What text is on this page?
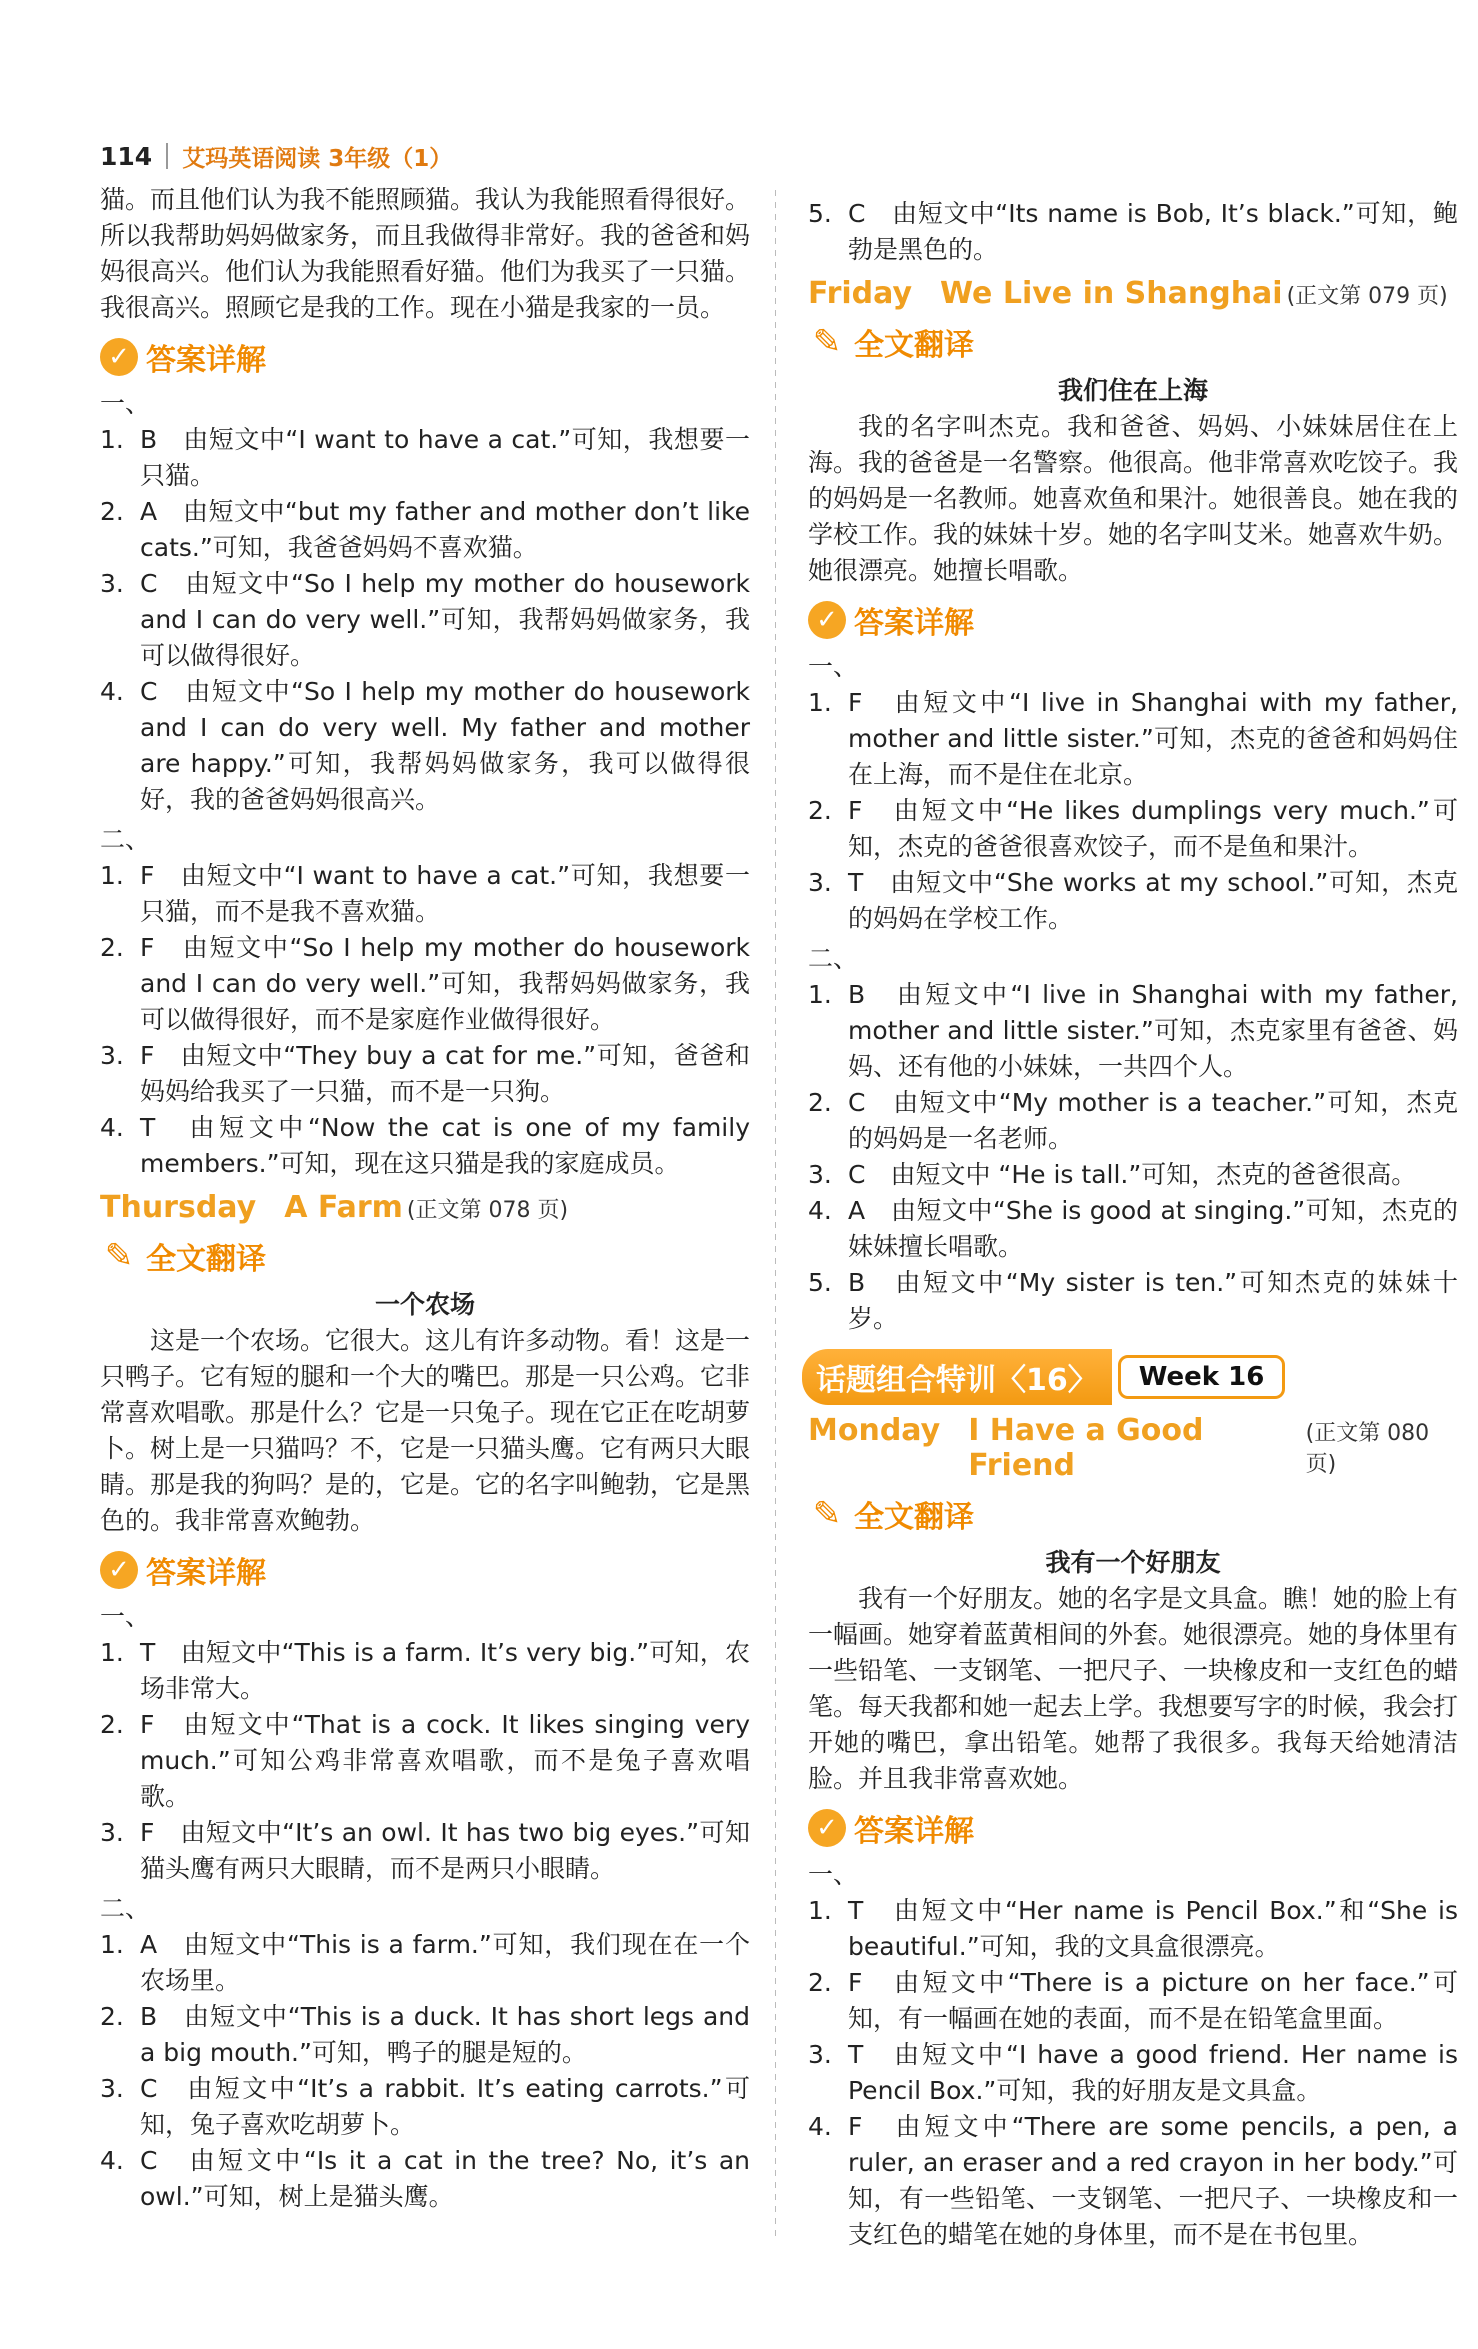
114 艾玛英语阅读 3年级（1）

猫。而且他们认为我不能照顾猫。我认为我能照看得很好。所以我帮助妈妈做家务，而且我做得非常好。我的爸爸和妈妈很高兴。他们认为我能照看好猫。他们为我买了一只猫。我很高兴。照顾它是我的工作。现在小猫是我家的一员。

✓ 答案详解
一、
1. B　由短文中“I want to have a cat.”可知，我想要一只猫。
2. A　由短文中“but my father and mother don’t like cats.”可知，我爸爸妈妈不喜欢猫。
3. C　由短文中“So I help my mother do housework and I can do very well.”可知，我帮妈妈做家务，我可以做得很好。
4. C　由短文中“So I help my mother do housework and I can do very well. My father and mother are happy.”可知，我帮妈妈做家务，我可以做得很好，我的爸爸妈妈很高兴。
二、
1. F　由短文中“I want to have a cat.”可知，我想要一只猫，而不是我不喜欢猫。
2. F　由短文中“So I help my mother do housework and I can do very well.”可知，我帮妈妈做家务，我可以做得很好，而不是家庭作业做得很好。
3. F　由短文中“They buy a cat for me.”可知，爸爸和妈妈给我买了一只猫，而不是一只狗。
4. T　由短文中“Now the cat is one of my family members.”可知，现在这只猫是我的家庭成员。
Thursday A Farm (正文第 078 页)
✎ 全文翻译
一个农场

这是一个农场。它很大。这儿有许多动物。看！这是一只鸭子。它有短的腿和一个大的嘴巴。那是一只公鸡。它非常喜欢唱歌。那是什么？它是一只兔子。现在它正在吃胡萝卜。树上是一只猫吗？不，它是一只猫头鹰。它有两只大眼睛。那是我的狗吗？是的，它是。它的名字叫鲍勃，它是黑色的。我非常喜欢鲍勃。

✓ 答案详解
一、
1. T　由短文中“This is a farm. It’s very big.”可知，农场非常大。
2. F　由短文中“That is a cock. It likes singing very much.”可知公鸡非常喜欢唱歌，而不是兔子喜欢唱歌。
3. F　由短文中“It’s an owl. It has two big eyes.”可知猫头鹰有两只大眼睛，而不是两只小眼睛。
二、
1. A　由短文中“This is a farm.”可知，我们现在在一个农场里。
2. B　由短文中“This is a duck. It has short legs and a big mouth.”可知，鸭子的腿是短的。
3. C　由短文中“It’s a rabbit. It’s eating carrots.”可知，兔子喜欢吃胡萝卜。
4. C　由短文中“Is it a cat in the tree? No, it’s an owl.”可知，树上是猫头鹰。
5. C　由短文中“Its name is Bob, It’s black.”可知，鲍勃是黑色的。
Friday We Live in Shanghai (正文第 079 页)
✎ 全文翻译
我们住在上海

我的名字叫杰克。我和爸爸、妈妈、小妹妹居住在上海。我的爸爸是一名警察。他很高。他非常喜欢吃饺子。我的妈妈是一名教师。她喜欢鱼和果汁。她很善良。她在我的学校工作。我的妹妹十岁。她的名字叫艾米。她喜欢牛奶。她很漂亮。她擅长唱歌。

✓ 答案详解
一、
1. F　由短文中“I live in Shanghai with my father, mother and little sister.”可知，杰克的爸爸和妈妈住在上海，而不是住在北京。
2. F　由短文中“He likes dumplings very much.”可知，杰克的爸爸很喜欢饺子，而不是鱼和果汁。
3. T　由短文中“She works at my school.”可知，杰克的妈妈在学校工作。
二、
1. B　由短文中“I live in Shanghai with my father, mother and little sister.”可知，杰克家里有爸爸、妈妈、还有他的小妹妹，一共四个人。
2. C　由短文中“My mother is a teacher.”可知，杰克的妈妈是一名老师。
3. C　由短文中 “He is tall.”可知，杰克的爸爸很高。
4. A　由短文中“She is good at singing.”可知，杰克的妹妹擅长唱歌。
5. B　由短文中“My sister is ten.”可知杰克的妹妹十岁。
话题组合特训〈16〉	Week 16
Monday I Have a Good Friend
(正文第 080 页)
✎ 全文翻译
我有一个好朋友

我有一个好朋友。她的名字是文具盒。瞧！她的脸上有一幅画。她穿着蓝黄相间的外套。她很漂亮。她的身体里有一些铅笔、一支钢笔、一把尺子、一块橡皮和一支红色的蜡笔。每天我都和她一起去上学。我想要写字的时候，我会打开她的嘴巴，拿出铅笔。她帮了我很多。我每天给她清洁脸。并且我非常喜欢她。

✓ 答案详解
一、
1. T　由短文中“Her name is Pencil Box.”和“She is beautiful.”可知，我的文具盒很漂亮。
2. F　由短文中“There is a picture on her face.”可知，有一幅画在她的表面，而不是在铅笔盒里面。
3. T　由短文中“I have a good friend. Her name is Pencil Box.”可知，我的好朋友是文具盒。
4. F　由短文中“There are some pencils, a pen, a ruler, an eraser and a red crayon in her body.”可知，有一些铅笔、一支钢笔、一把尺子、一块橡皮和一支红色的蜡笔在她的身体里，而不是在书包里。
